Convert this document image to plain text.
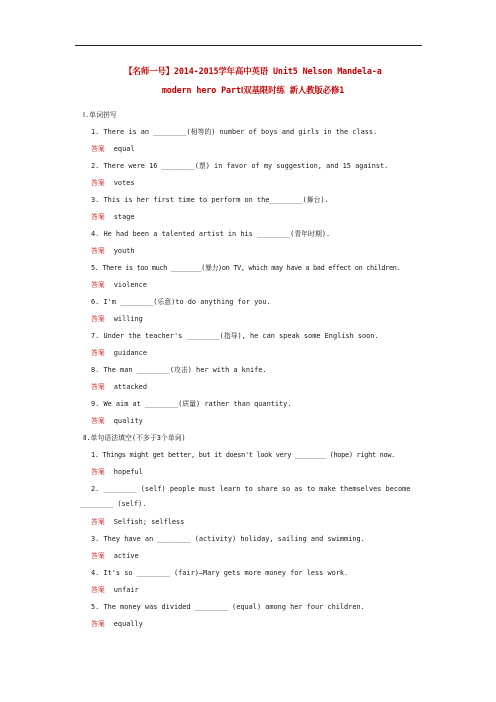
【名师一号】2014-2015学年高中英语 Unit5 Nelson Mandela-a
modern hero PartⅠ双基限时练 新人教版必修1
Ⅰ.单词拼写
1. There is an ________(相等的) number of boys and girls in the class.
答案 equal
2. There were 16 ________(票) in favor of my suggestion, and 15 against.
答案 votes
3. This is her first time to perform on the________(舞台).
答案 stage
4. He had been a talented artist in his ________(青年时期).
答案 youth
5. There is too much ________(暴力)on TV, which may have a bad effect on children.
答案 violence
6. I'm ________(乐意)to do anything for you.
答案 willing
7. Under the teacher's ________(指导), he can speak some English soon.
答案 guidance
8. The man ________(攻击) her with a knife.
答案 attacked
9. We aim at ________(质量) rather than quantity.
答案 quality
Ⅱ.单句语法填空(不多于3个单词)
1. Things might get better, but it doesn't look very ________ (hope) right now.
答案 hopeful
2. ________ (self) people must learn to share so as to make themselves become ________ (self).
答案 Selfish; selfless
3. They have an ________ (activity) holiday, sailing and swimming.
答案 active
4. It's so ________ (fair)—Mary gets more money for less work.
答案 unfair
5. The money was divided ________ (equal) among her four children.
答案 equally
